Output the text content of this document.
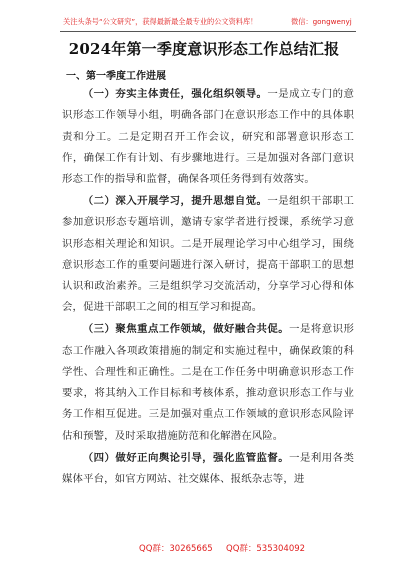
关注头条号“公文研究”，获得最新最全最专业的公文资料库！	微信：gongwenyj
2024年第一季度意识形态工作总结汇报
一、第一季度工作进展

（一）夯实主体责任，强化组织领导。一是成立专门的意识形态工作领导小组，明确各部门在意识形态工作中的具体职责和分工。二是定期召开工作会议，研究和部署意识形态工作，确保工作有计划、有步骤地进行。三是加强对各部门意识形态工作的指导和监督，确保各项任务得到有效落实。

（二）深入开展学习，提升思想自觉。一是组织干部职工参加意识形态专题培训，邀请专家学者进行授课，系统学习意识形态相关理论和知识。二是开展理论学习中心组学习，围绕意识形态工作的重要问题进行深入研讨，提高干部职工的思想认识和政治素养。三是组织学习交流活动，分享学习心得和体会，促进干部职工之间的相互学习和提高。

（三）聚焦重点工作领域，做好融合共促。一是将意识形态工作融入各项政策措施的制定和实施过程中，确保政策的科学性、合理性和正确性。二是在工作任务中明确意识形态工作要求，将其纳入工作目标和考核体系，推动意识形态工作与业务工作相互促进。三是加强对重点工作领域的意识形态风险评估和预警，及时采取措施防范和化解潜在风险。

（四）做好正向舆论引导，强化监管监督。一是利用各类媒体平台，如官方网站、社交媒体、报纸杂志等，进

QQ群：30265665 QQ群：535304092
